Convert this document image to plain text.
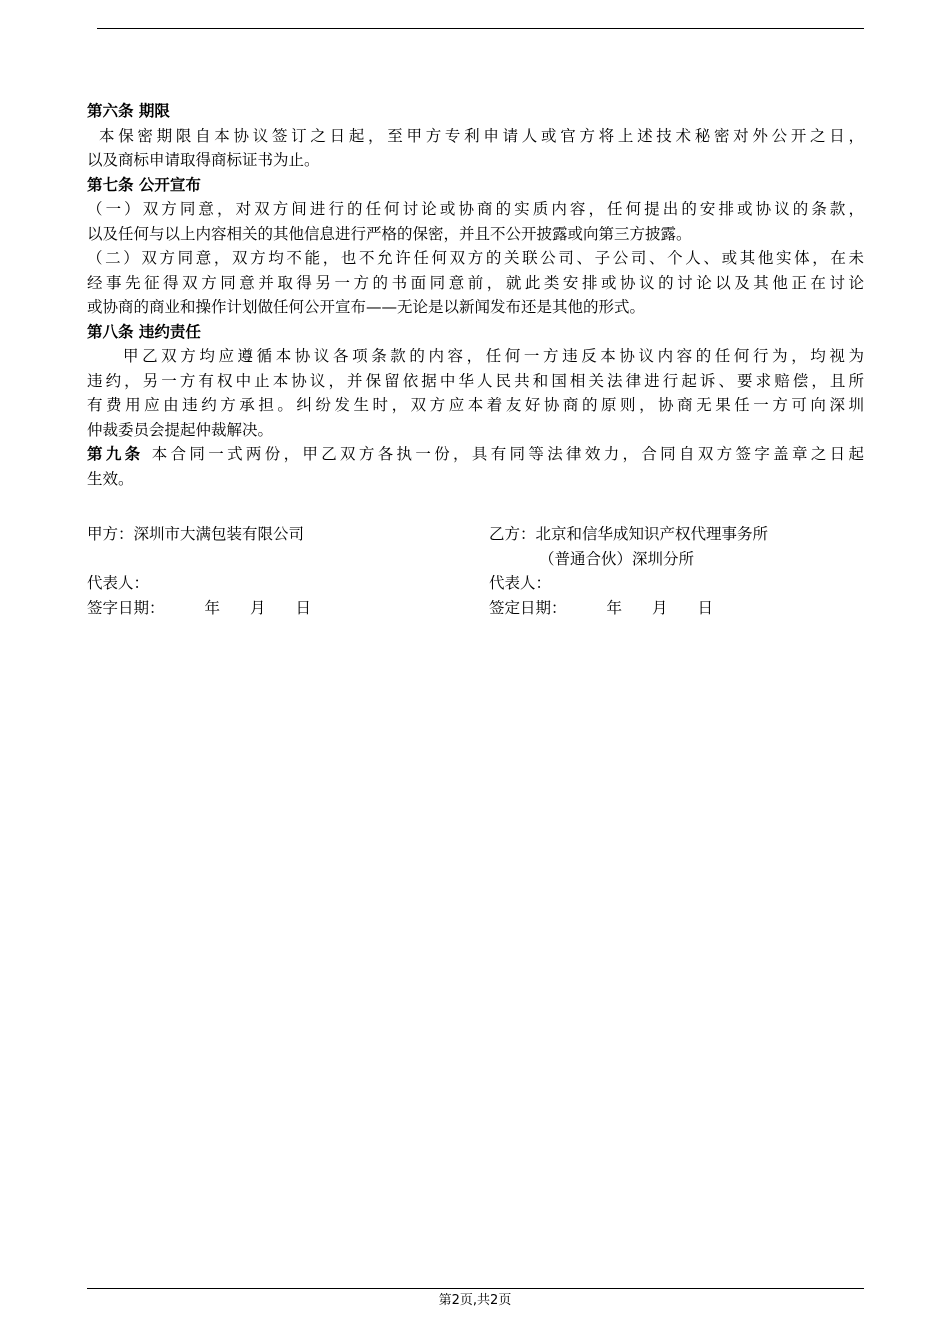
第六条 期限
本保密期限自本协议签订之日起，至甲方专利申请人或官方将上述技术秘密对外公开之日，
以及商标申请取得商标证书为止。
第七条 公开宣布
（一）双方同意，对双方间进行的任何讨论或协商的实质内容，任何提出的安排或协议的条款，
以及任何与以上内容相关的其他信息进行严格的保密，并且不公开披露或向第三方披露。
（二）双方同意，双方均不能，也不允许任何双方的关联公司、子公司、个人、或其他实体，在未
经事先征得双方同意并取得另一方的书面同意前，就此类安排或协议的讨论以及其他正在讨论
或协商的商业和操作计划做任何公开宣布——无论是以新闻发布还是其他的形式。
第八条 违约责任
甲乙双方均应遵循本协议各项条款的内容，任何一方违反本协议内容的任何行为，均视为
违约，另一方有权中止本协议，并保留依据中华人民共和国相关法律进行起诉、要求赔偿，且所
有费用应由违约方承担。纠纷发生时，双方应本着友好协商的原则，协商无果任一方可向深圳
仲裁委员会提起仲裁解决。
第九条 本合同一式两份，甲乙双方各执一份，具有同等法律效力，合同自双方签字盖章之日起
生效。
甲方：深圳市大满包装有限公司	乙方：北京和信华成知识产权代理事务所
（普通合伙）深圳分所
代表人：	代表人：
签字日期：	年 月 日	签定日期：	年 月 日
第2页,共2页
